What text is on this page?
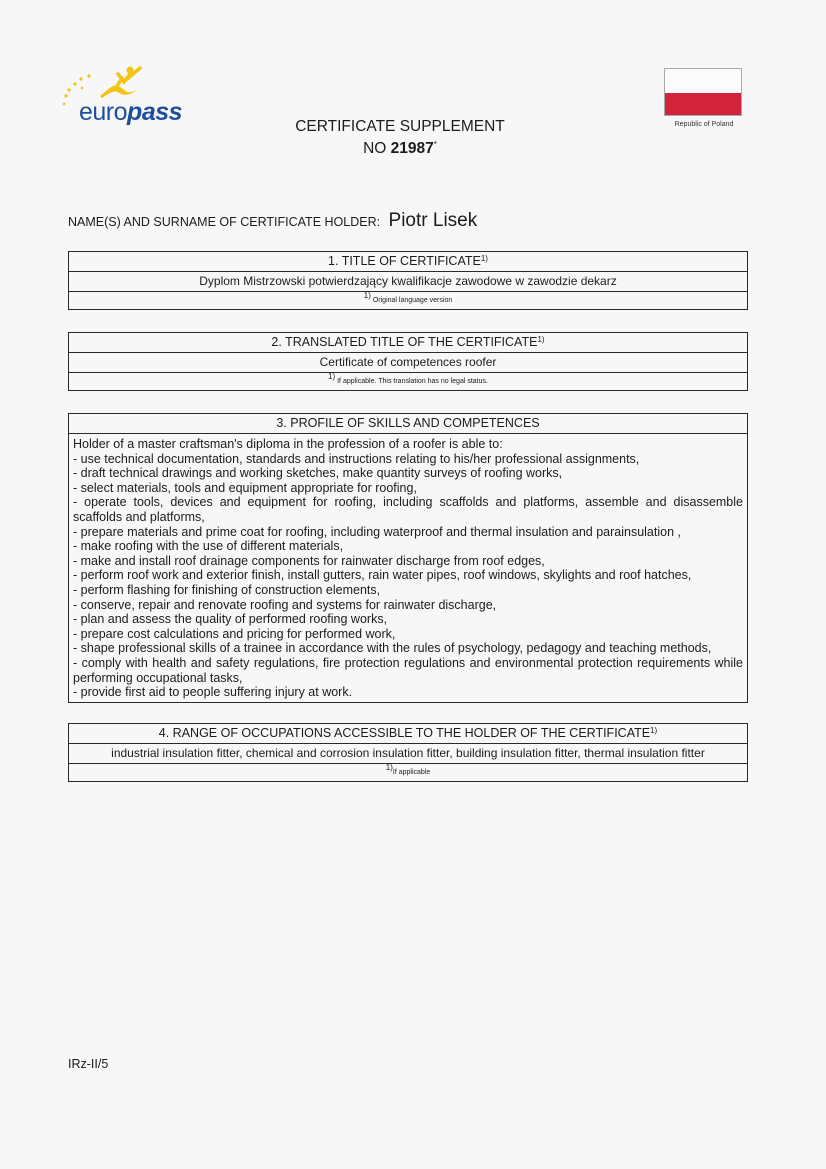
europass	Republic of Poland
CERTIFICATE SUPPLEMENT
NO 21987*
NAME(S) AND SURNAME OF CERTIFICATE HOLDER: Piotr Lisek
1. TITLE OF CERTIFICATE$^{1)}$
Dyplom Mistrzowski potwierdzający kwalifikacje zawodowe w zawodzie dekarz
$^{1)}$ Original language version
2. TRANSLATED TITLE OF THE CERTIFICATE$^{1)}$
Certificate of competences roofer
$^{1)}$ If applicable. This translation has no legal status.
3. PROFILE OF SKILLS AND COMPETENCES
Holder of a master craftsman's diploma in the profession of a roofer is able to:
- use technical documentation, standards and instructions relating to his/her professional assignments,
- draft technical drawings and working sketches, make quantity surveys of roofing works,
- select materials, tools and equipment appropriate for roofing,
- operate tools, devices and equipment for roofing, including scaffolds and platforms, assemble and disassemble scaffolds and platforms,
- prepare materials and prime coat for roofing, including waterproof and thermal insulation and parainsulation ,
- make roofing with the use of different materials,
- make and install roof drainage components for rainwater discharge from roof edges,
- perform roof work and exterior finish, install gutters, rain water pipes, roof windows, skylights and roof hatches,
- perform flashing for finishing of construction elements,
- conserve, repair and renovate roofing and systems for rainwater discharge,
- plan and assess the quality of performed roofing works,
- prepare cost calculations and pricing for performed work,
- shape professional skills of a trainee in accordance with the rules of psychology, pedagogy and teaching methods,
- comply with health and safety regulations, fire protection regulations and environmental protection requirements while performing occupational tasks,
- provide first aid to people suffering injury at work.
4. RANGE OF OCCUPATIONS ACCESSIBLE TO THE HOLDER OF THE CERTIFICATE$^{1)}$
industrial insulation fitter, chemical and corrosion insulation fitter, building insulation fitter, thermal insulation fitter
$^{1)}$If applicable
IRz-II/5
